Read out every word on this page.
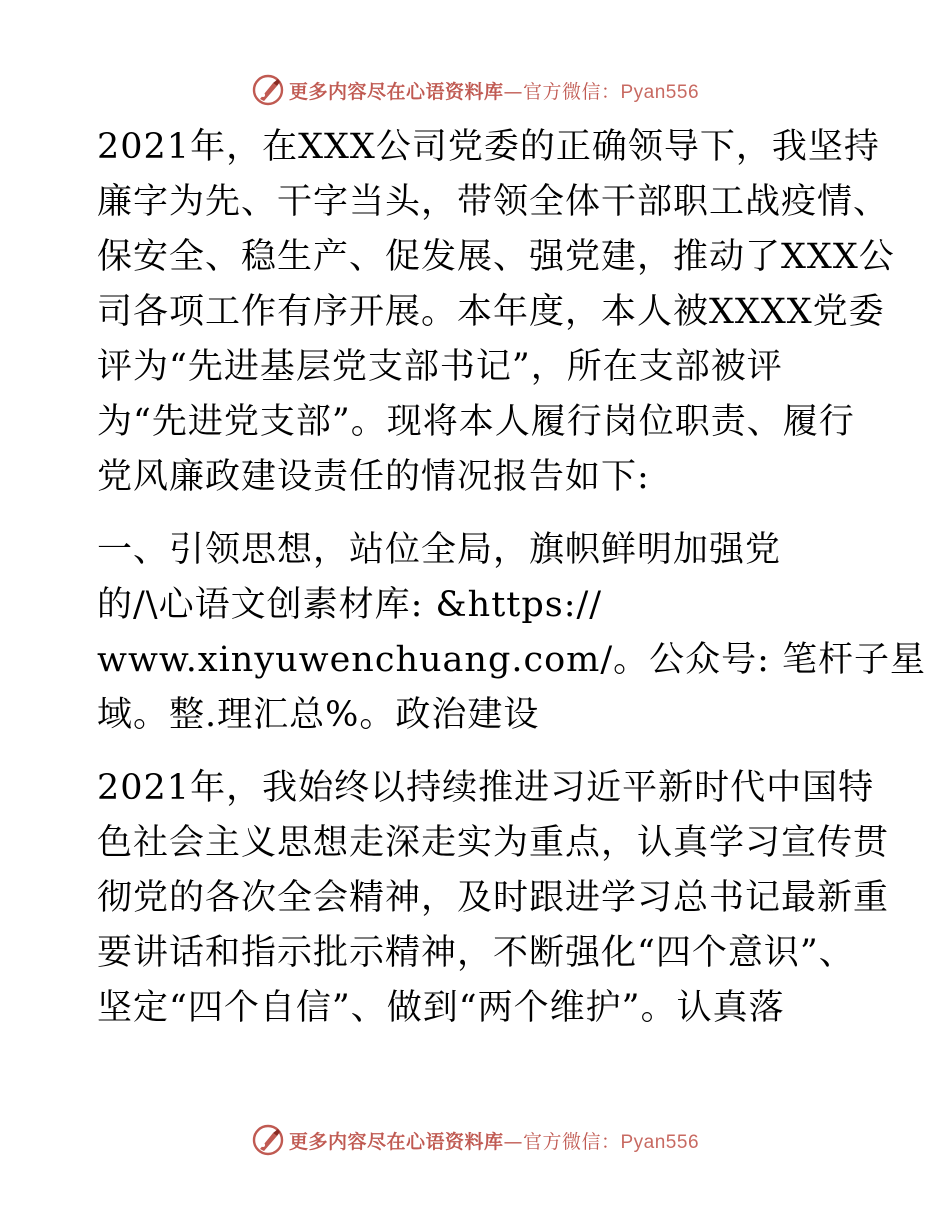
更多内容尽在心语资料库—官方微信：Pyan556
2021年，在XXX公司党委的正确领导下，我坚持
廉字为先、干字当头，带领全体干部职工战疫情、
保安全、稳生产、促发展、强党建，推动了XXX公
司各项工作有序开展。本年度，本人被XXXX党委
评为“先进基层党支部书记”，所在支部被评
为“先进党支部”。现将本人履行岗位职责、履行
党风廉政建设责任的情况报告如下:
一、引领思想，站位全局，旗帜鲜明加强党
的/\心语文创素材库: &https://
www.xinyuwenchuang.com/。公众号: 笔杆子星
域。整.理汇总%。政治建设
2021年，我始终以持续推进习近平新时代中国特
色社会主义思想走深走实为重点，认真学习宣传贯
彻党的各次全会精神，及时跟进学习总书记最新重
要讲话和指示批示精神，不断强化“四个意识”、
坚定“四个自信”、做到“两个维护”。认真落
更多内容尽在心语资料库—官方微信：Pyan556
